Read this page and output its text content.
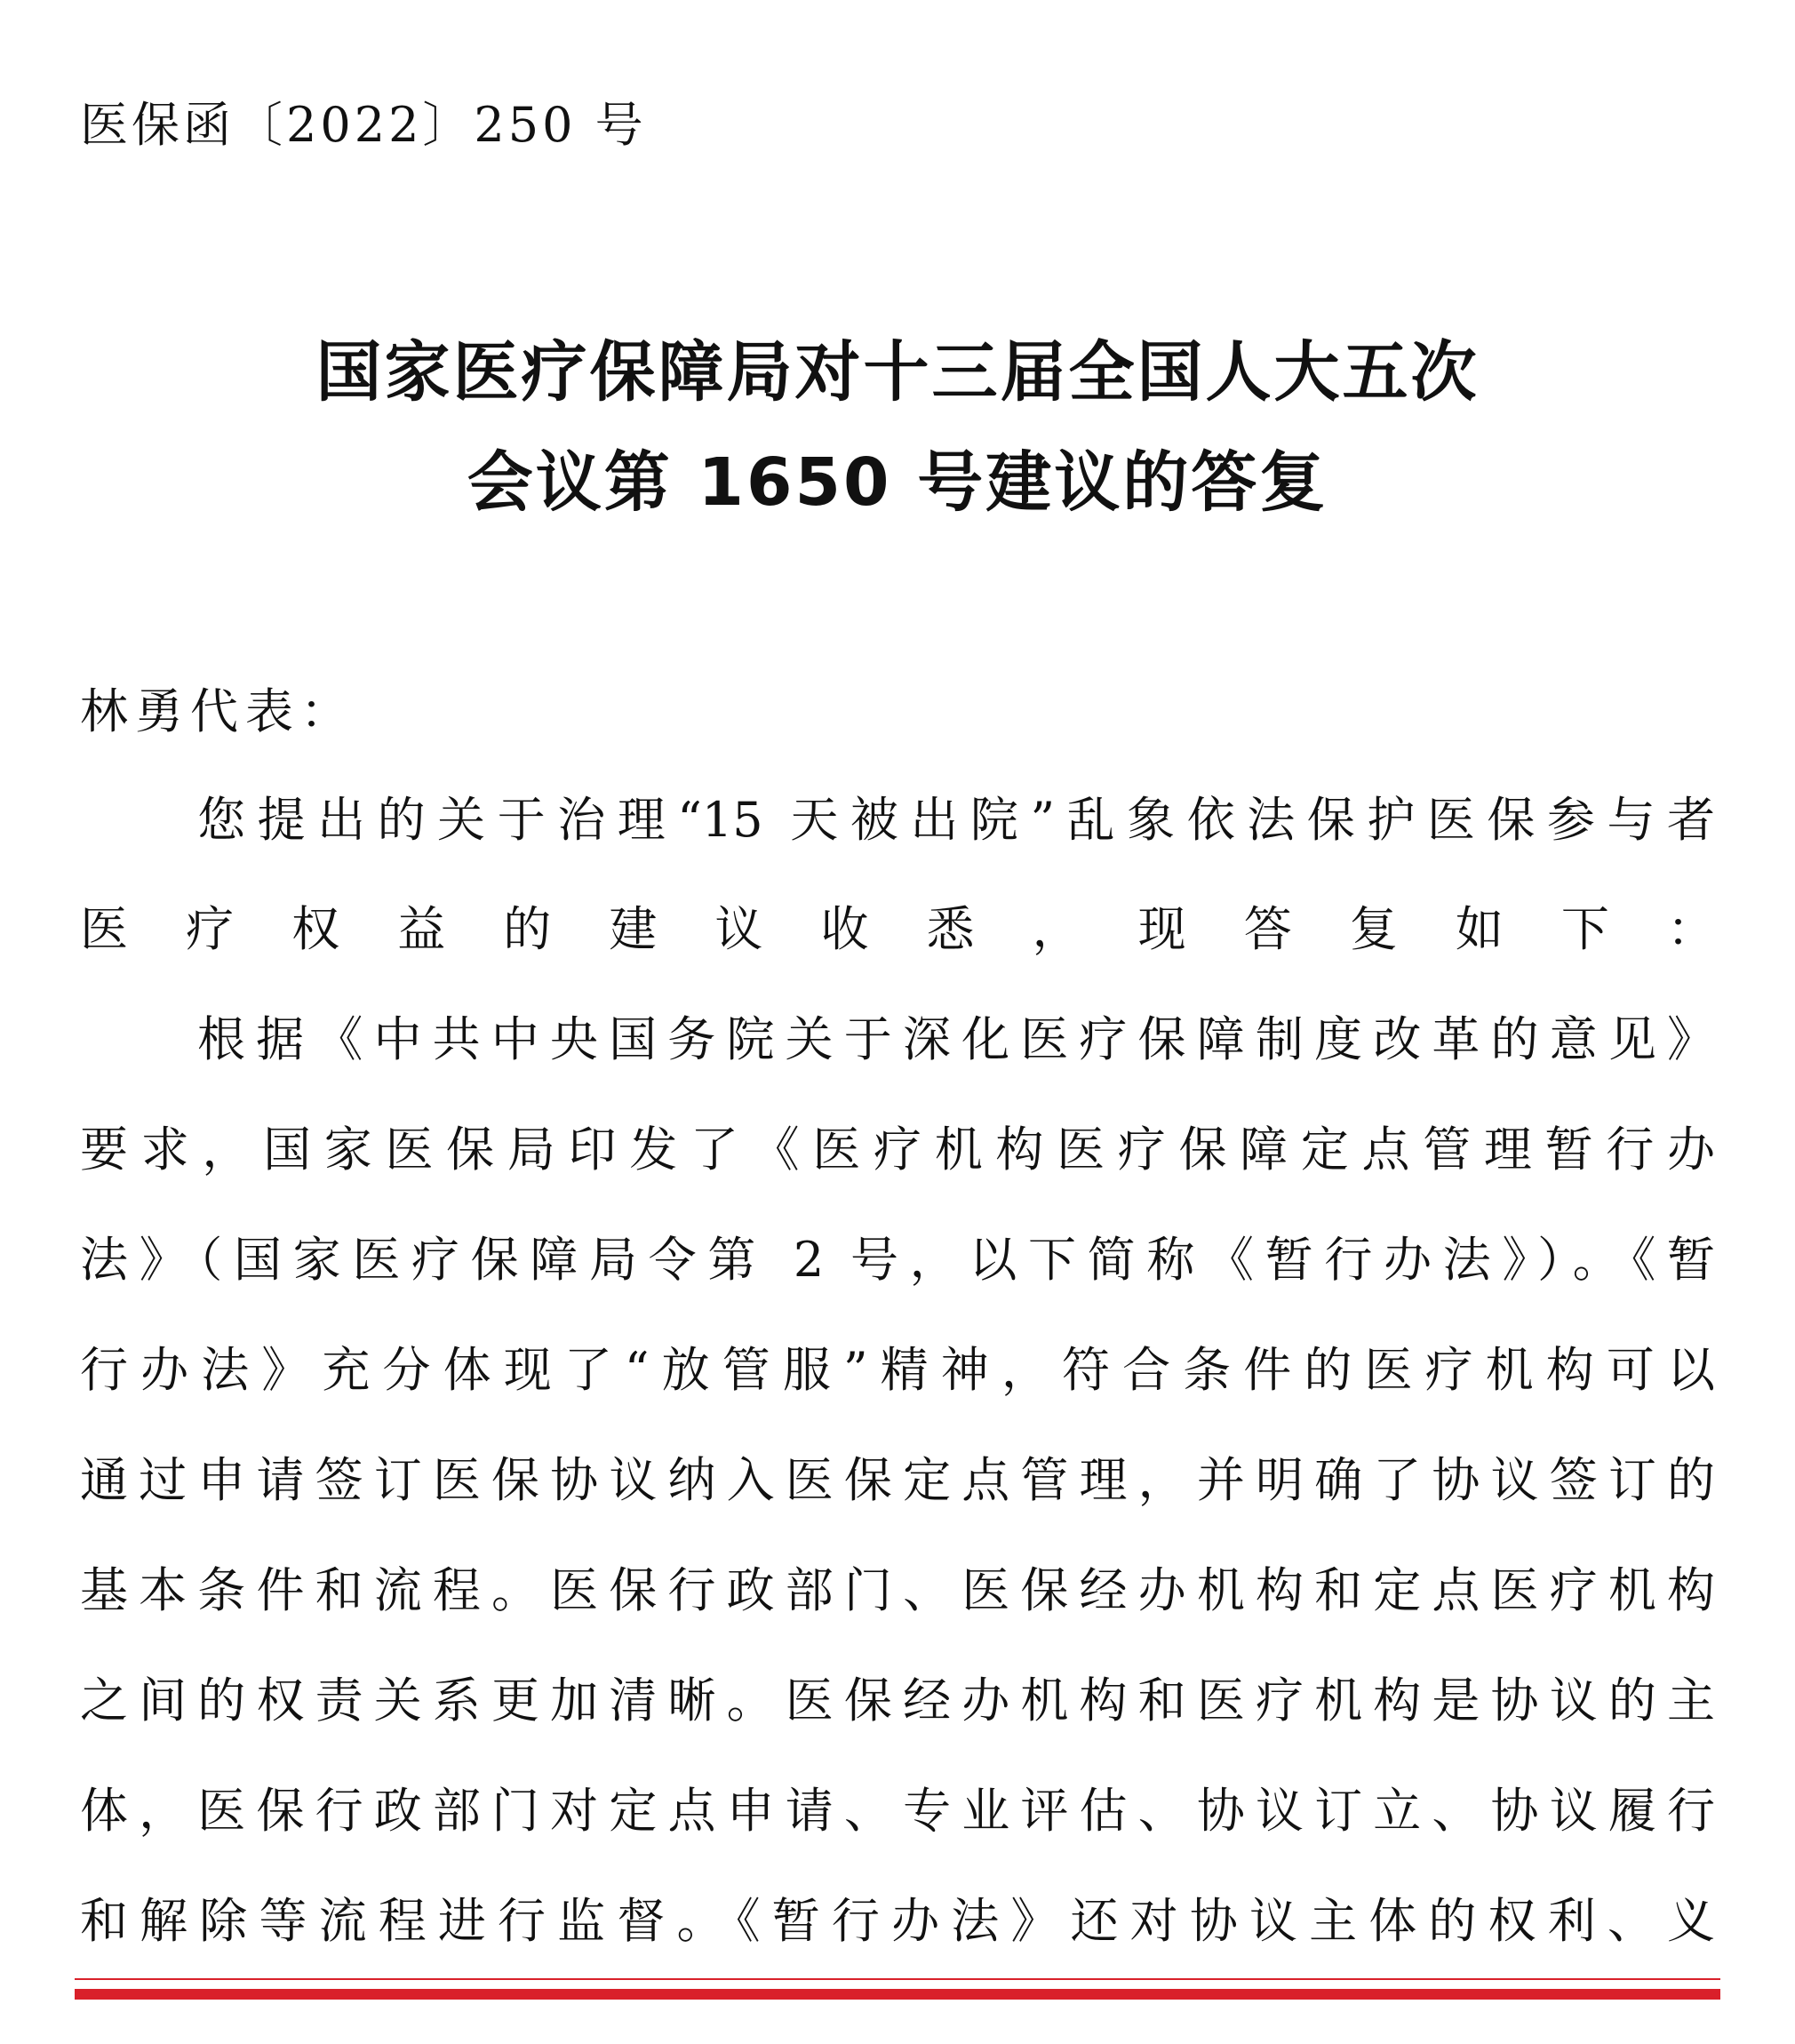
医保函〔2022〕250 号
国家医疗保障局对十三届全国人大五次
会议第 1650 号建议的答复
林勇代表：
您提出的关于治理“15 天被出院”乱象依法保护医保参与者
医疗权益的建议收悉，现答复如下：
根据《中共中央国务院关于深化医疗保障制度改革的意见》
要求，国家医保局印发了《医疗机构医疗保障定点管理暂行办
法》（国家医疗保障局令第 2 号，以下简称《暂行办法》）。《暂
行办法》充分体现了“放管服”精神，符合条件的医疗机构可以
通过申请签订医保协议纳入医保定点管理，并明确了协议签订的
基本条件和流程。医保行政部门、医保经办机构和定点医疗机构
之间的权责关系更加清晰。医保经办机构和医疗机构是协议的主
体，医保行政部门对定点申请、专业评估、协议订立、协议履行
和解除等流程进行监督。《暂行办法》还对协议主体的权利、义
